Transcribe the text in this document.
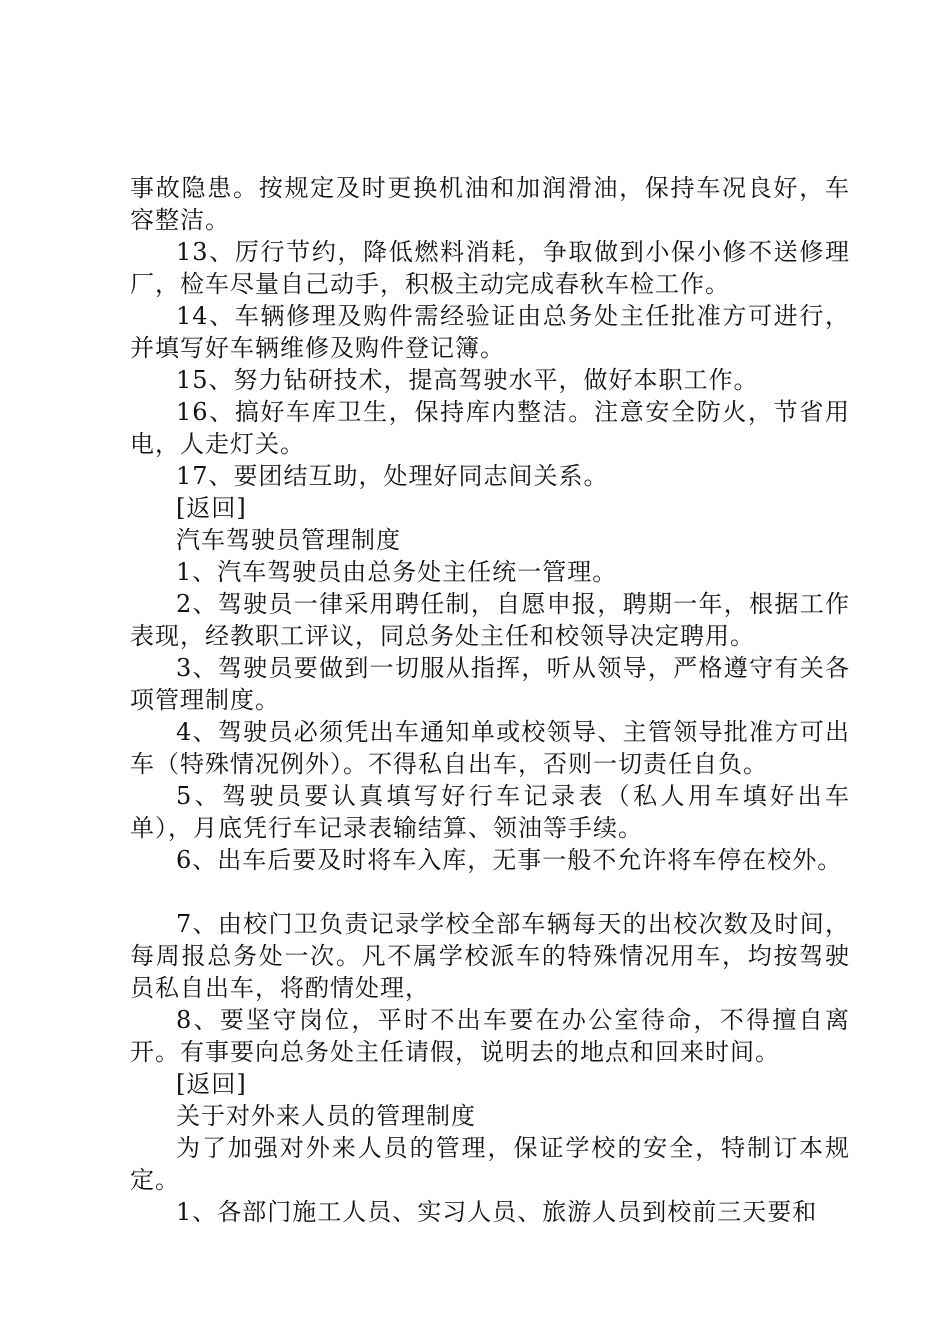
事故隐患。按规定及时更换机油和加润滑油，保持车况良好，车容整洁。

13、厉行节约，降低燃料消耗，争取做到小保小修不送修理厂，检车尽量自己动手，积极主动完成春秋车检工作。

14、车辆修理及购件需经验证由总务处主任批准方可进行，并填写好车辆维修及购件登记簿。

15、努力钻研技术，提高驾驶水平，做好本职工作。

16、搞好车库卫生，保持库内整洁。注意安全防火，节省用电，人走灯关。

17、要团结互助，处理好同志间关系。

[返回]

汽车驾驶员管理制度

1、汽车驾驶员由总务处主任统一管理。

2、驾驶员一律采用聘任制，自愿申报，聘期一年，根据工作表现，经教职工评议，同总务处主任和校领导决定聘用。

3、驾驶员要做到一切服从指挥，听从领导，严格遵守有关各项管理制度。

4、驾驶员必须凭出车通知单或校领导、主管领导批准方可出车（特殊情况例外）。不得私自出车，否则一切责任自负。

5、驾驶员要认真填写好行车记录表（私人用车填好出车单），月底凭行车记录表输结算、领油等手续。

6、出车后要及时将车入库，无事一般不允许将车停在校外。

7、由校门卫负责记录学校全部车辆每天的出校次数及时间，每周报总务处一次。凡不属学校派车的特殊情况用车，均按驾驶员私自出车，将酌情处理，

8、要坚守岗位，平时不出车要在办公室待命，不得擅自离开。有事要向总务处主任请假，说明去的地点和回来时间。

[返回]

关于对外来人员的管理制度

为了加强对外来人员的管理，保证学校的安全，特制订本规定。

1、各部门施工人员、实习人员、旅游人员到校前三天要和
